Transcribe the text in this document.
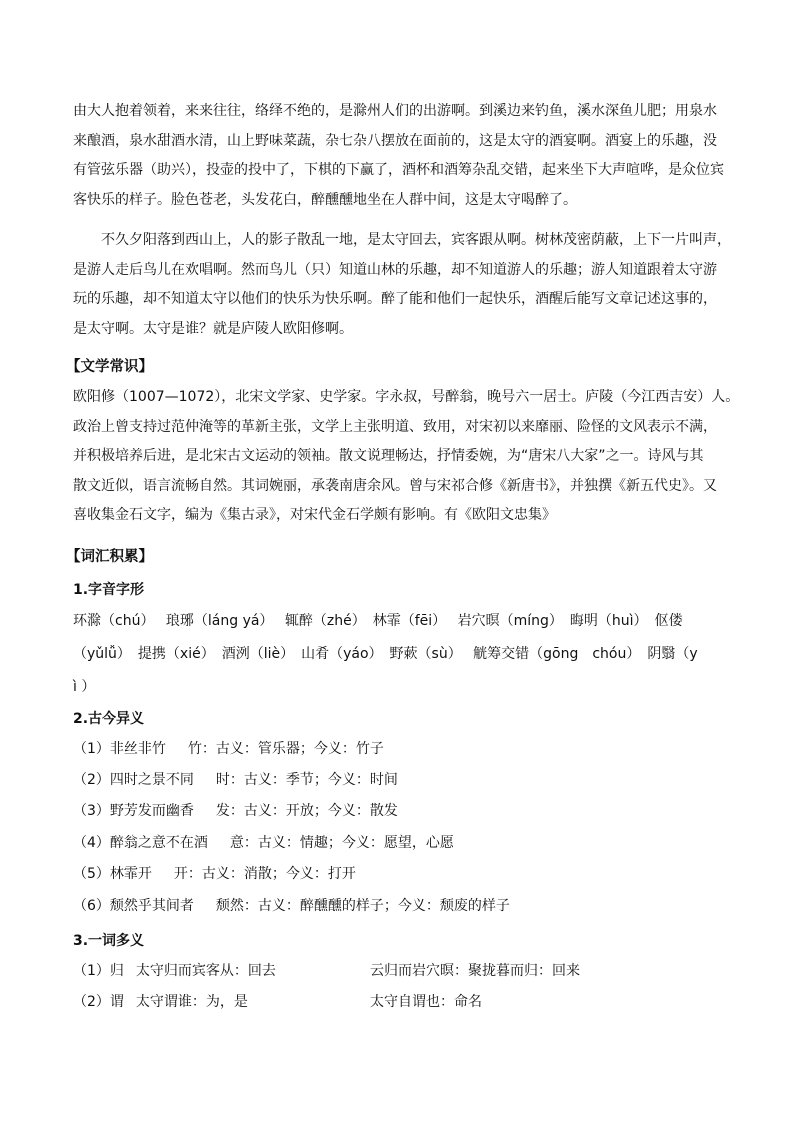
由大人抱着领着，来来往往，络绎不绝的，是滁州人们的出游啊。到溪边来钓鱼，溪水深鱼儿肥；用泉水
来酿酒，泉水甜酒水清，山上野味菜蔬，杂七杂八摆放在面前的，这是太守的酒宴啊。酒宴上的乐趣，没
有管弦乐器（助兴），投壶的投中了，下棋的下赢了，酒杯和酒筹杂乱交错，起来坐下大声喧哗，是众位宾
客快乐的样子。脸色苍老，头发花白，醉醺醺地坐在人群中间，这是太守喝醉了。
不久夕阳落到西山上，人的影子散乱一地，是太守回去，宾客跟从啊。树林茂密荫蔽，上下一片叫声，
是游人走后鸟儿在欢唱啊。然而鸟儿（只）知道山林的乐趣，却不知道游人的乐趣；游人知道跟着太守游
玩的乐趣，却不知道太守以他们的快乐为快乐啊。醉了能和他们一起快乐，酒醒后能写文章记述这事的，
是太守啊。太守是谁？就是庐陵人欧阳修啊。
【文学常识】
欧阳修（1007—1072），北宋文学家、史学家。字永叔，号醉翁，晚号六一居士。庐陵（今江西吉安）人。
政治上曾支持过范仲淹等的革新主张，文学上主张明道、致用，对宋初以来靡丽、险怪的文风表示不满，
并积极培养后进，是北宋古文运动的领袖。散文说理畅达，抒情委婉，为“唐宋八大家”之一。诗风与其
散文近似，语言流畅自然。其词婉丽，承袭南唐余风。曾与宋祁合修《新唐书》，并独撰《新五代史》。又
喜收集金石文字，编为《集古录》，对宋代金石学颇有影响。有《欧阳文忠集》
【词汇积累】
1.字音字形
环滁（chú）　 琅琊（láng yá）　 辄醉（zhé）　林霏（fēi）　 岩穴暝（míng）　晦明（huì）　伛偻
（yǔlǚ）　提携（xié）　酒洌（liè）　山肴（yáo）　野蔌（sù）　 觥筹交错（gōng　chóu）　阴翳（y
ì ）
2.古今异义
（1）非丝非竹 竹：古义：管乐器；今义：竹子
（2）四时之景不同 时：古义：季节；今义：时间
（3）野芳发而幽香 发：古义：开放；今义：散发
（4）醉翁之意不在酒 意：古义：情趣；今义：愿望，心愿
（5）林霏开 开：古义：消散；今义：打开
（6）颓然乎其间者 颓然：古义：醉醺醺的样子；今义：颓废的样子
3.一词多义
（1）归 太守归而宾客从：回去	云归而岩穴暝：聚拢暮而归：回来
（2）谓 太守谓谁：为，是	太守自谓也：命名
